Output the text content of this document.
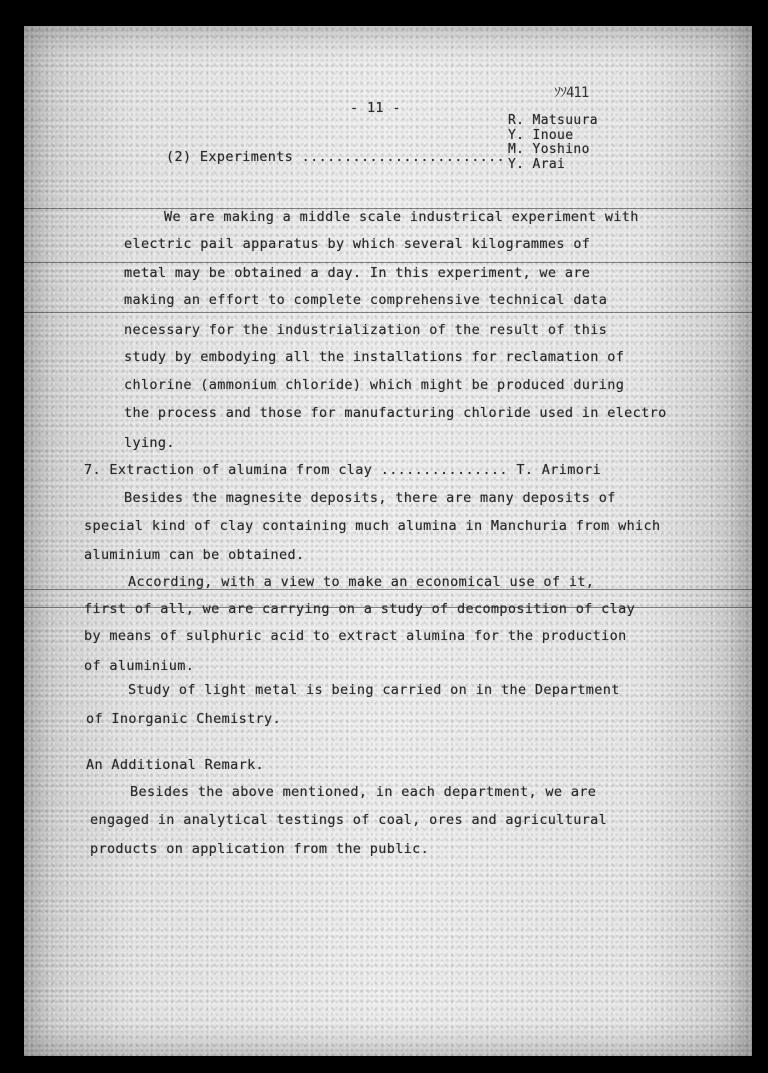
- 11 -
ｿｿ411
R. Matsuura
Y. Inoue
M. Yoshino
Y. Arai
(2) Experiments ........................
We are making a middle scale industrical experiment with
electric pail apparatus by which several kilogrammes of
metal may be obtained a day. In this experiment, we are
making an effort to complete comprehensive technical data
necessary for the industrialization of the result of this
study by embodying all the installations for reclamation of
chlorine (ammonium chloride) which might be produced during
the process and those for manufacturing chloride used in electro
lying.
7. Extraction of alumina from clay ............... T. Arimori
Besides the magnesite deposits, there are many deposits of
special kind of clay containing much alumina in Manchuria from which
aluminium can be obtained.
According, with a view to make an economical use of it,
first of all, we are carrying on a study of decomposition of clay
by means of sulphuric acid to extract alumina for the production
of aluminium.
Study of light metal is being carried on in the Department
of Inorganic Chemistry.
An Additional Remark.
Besides the above mentioned, in each department, we are
engaged in analytical testings of coal, ores and agricultural
products on application from the public.
